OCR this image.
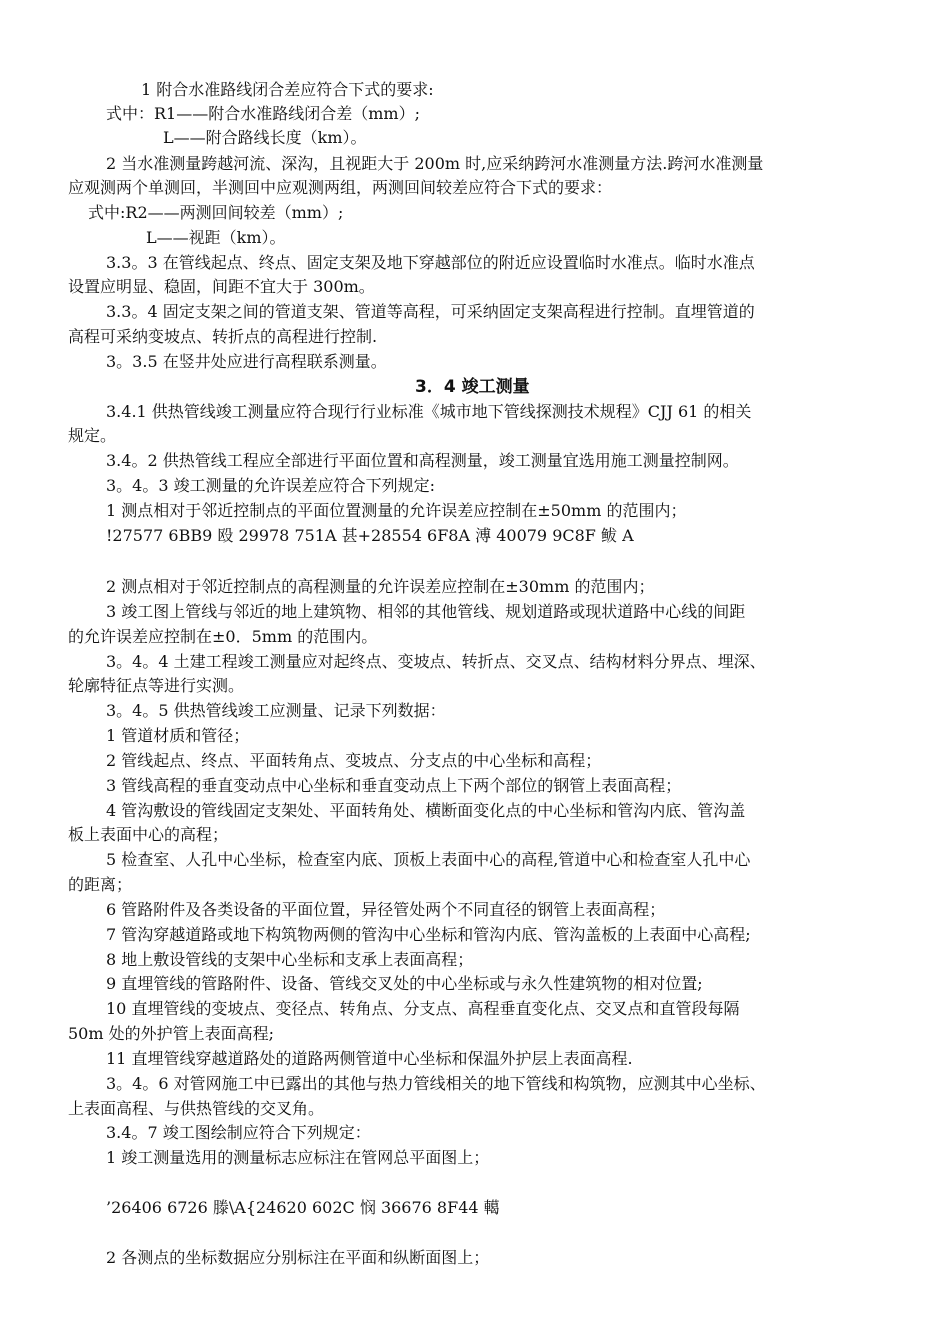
1 附合水准路线闭合差应符合下式的要求:
式中：R1——附合水准路线闭合差（mm）;
L——附合路线长度（km）。
2 当水准测量跨越河流、深沟，且视距大于 200m 时,应采纳跨河水准测量方法.跨河水准测量
应观测两个单测回，半测回中应观测两组，两测回间较差应符合下式的要求：
式中:R2——两测回间较差（mm）;
L——视距（km）。
3.3。3 在管线起点、终点、固定支架及地下穿越部位的附近应设置临时水准点。临时水准点
设置应明显、稳固，间距不宜大于 300m。
3.3。4 固定支架之间的管道支架、管道等高程，可采纳固定支架高程进行控制。直埋管道的
高程可采纳变坡点、转折点的高程进行控制.
3。3.5 在竖井处应进行高程联系测量。
3．4 竣工测量
3.4.1 供热管线竣工测量应符合现行行业标准《城市地下管线探测技术规程》CJJ 61 的相关
规定。
3.4。2 供热管线工程应全部进行平面位置和高程测量，竣工测量宜选用施工测量控制网。
3。4。3 竣工测量的允许误差应符合下列规定:
1 测点相对于邻近控制点的平面位置测量的允许误差应控制在±50mm 的范围内；
!27577 6BB9 殴 29978 751A 甚+28554 6F8A 溥 40079 9C8F 鲅 A
2 测点相对于邻近控制点的高程测量的允许误差应控制在±30mm 的范围内；
3 竣工图上管线与邻近的地上建筑物、相邻的其他管线、规划道路或现状道路中心线的间距
的允许误差应控制在±0．5mm 的范围内。
3。4。4 土建工程竣工测量应对起终点、变坡点、转折点、交叉点、结构材料分界点、埋深、
轮廓特征点等进行实测。
3。4。5 供热管线竣工应测量、记录下列数据：
1 管道材质和管径；
2 管线起点、终点、平面转角点、变坡点、分支点的中心坐标和高程；
3 管线高程的垂直变动点中心坐标和垂直变动点上下两个部位的钢管上表面高程；
4 管沟敷设的管线固定支架处、平面转角处、横断面变化点的中心坐标和管沟内底、管沟盖
板上表面中心的高程；
5 检查室、人孔中心坐标，检查室内底、顶板上表面中心的高程,管道中心和检查室人孔中心
的距离；
6 管路附件及各类设备的平面位置，异径管处两个不同直径的钢管上表面高程；
7 管沟穿越道路或地下构筑物两侧的管沟中心坐标和管沟内底、管沟盖板的上表面中心高程;
8 地上敷设管线的支架中心坐标和支承上表面高程；
9 直埋管线的管路附件、设备、管线交叉处的中心坐标或与永久性建筑物的相对位置;
10 直埋管线的变坡点、变径点、转角点、分支点、高程垂直变化点、交叉点和直管段每隔
50m 处的外护管上表面高程;
11 直埋管线穿越道路处的道路两侧管道中心坐标和保温外护层上表面高程.
3。4。6 对管网施工中已露出的其他与热力管线相关的地下管线和构筑物，应测其中心坐标、
上表面高程、与供热管线的交叉角。
3.4。7 竣工图绘制应符合下列规定：
1 竣工测量选用的测量标志应标注在管网总平面图上；
’26406 6726 滕\A{24620 602C 悯 36676 8F44 轕
2 各测点的坐标数据应分别标注在平面和纵断面图上；
